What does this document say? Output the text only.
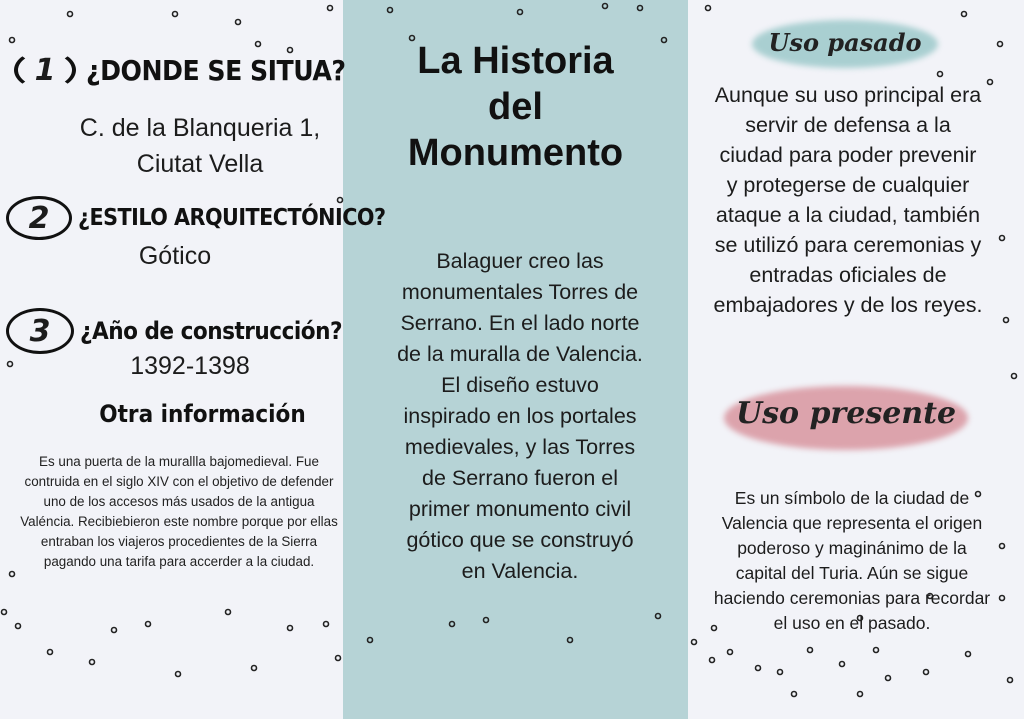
1 ¿DONDE SE SITUA?
C. de la Blanqueria 1,
Ciutat Vella
2 ¿ESTILO ARQUITECTÓNICO?
Gótico
3 ¿Año de construcción?
1392-1398
Otra información
Es una puerta de la murallla bajomedieval. Fue contruida en el siglo XIV con el objetivo de defender uno de los accesos más usados de la antigua Valéncia. Recibiebieron este nombre porque por ellas entraban los viajeros procedientes de la Sierra pagando una tarifa para accerder a la ciudad.
La Historia
del
Monumento
Balaguer creo las monumentales Torres de Serrano. En el lado norte de la muralla de Valencia. El diseño estuvo inspirado en los portales medievales, y las Torres de Serrano fueron el primer monumento civil gótico que se construyó en Valencia.
Uso pasado
Aunque su uso principal era servir de defensa a la ciudad para poder prevenir y protegerse de cualquier ataque a la ciudad, también se utilizó para ceremonias y entradas oficiales de embajadores y de los reyes.
Uso presente
Es un símbolo de la ciudad de Valencia que representa el origen poderoso y maginánimo de la capital del Turia. Aún se sigue haciendo ceremonias para recordar el uso en el pasado.
